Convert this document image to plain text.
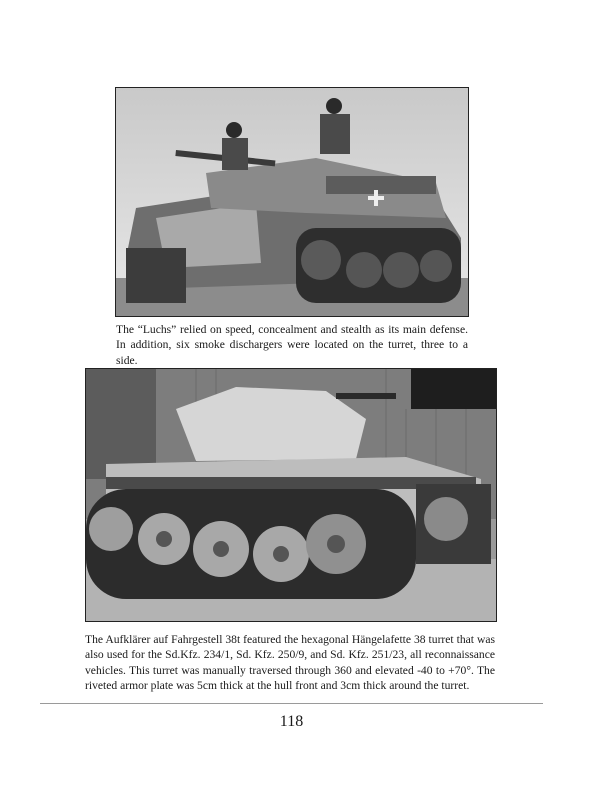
The “Luchs” relied on speed, concealment and stealth as its main defense. In addition, six smoke dischargers were located on the turret, three to a side.

The Aufklärer auf Fahrgestell 38t featured the hexagonal Hängelafette 38 turret that was also used for the Sd.Kfz. 234/1, Sd. Kfz. 250/9, and Sd. Kfz. 251/23, all reconnaissance vehicles. This turret was manually traversed through 360 and elevated -40 to +70°. The riveted armor plate was 5cm thick at the hull front and 3cm thick around the turret.

118
